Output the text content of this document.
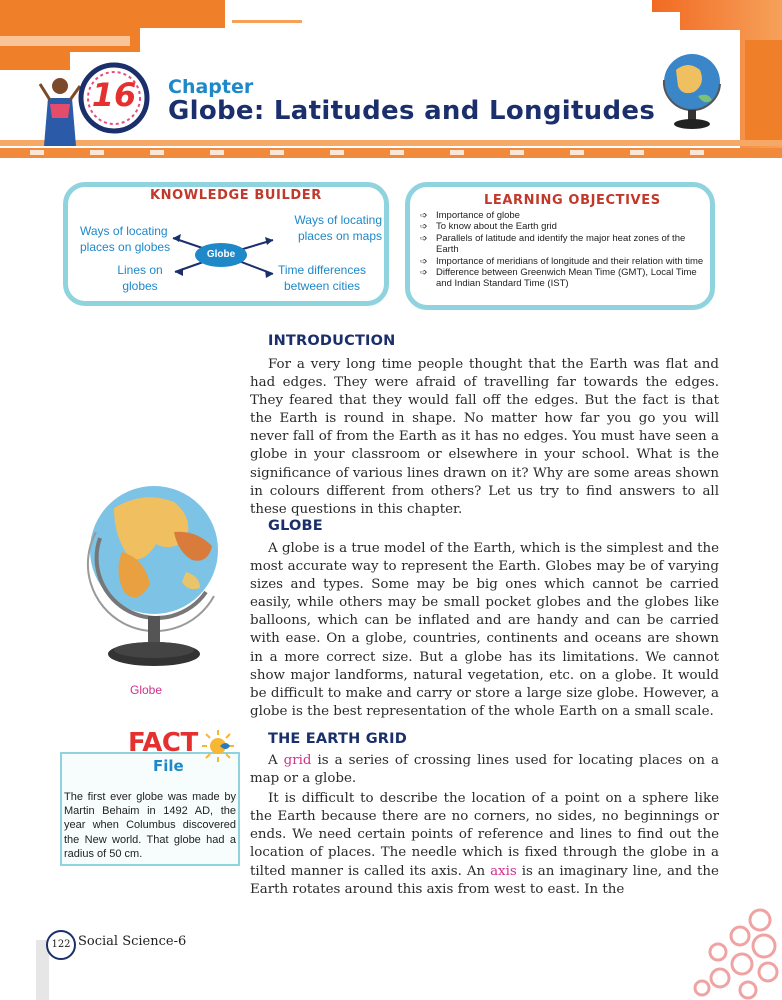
16	Chapter
Globe: Latitudes and Longitudes
KNOWLEDGE BUILDER
Globe
Ways of locating
places on globes
Ways of locating
places on maps
Lines on
globes
Time differences
between cities
LEARNING OBJECTIVES
➩ Importance of globe
➩ To know about the Earth grid
➩ Parallels of latitude and identify the major heat zones of the Earth
➩ Importance of meridians of longitude and their relation with time
➩ Difference between Greenwich Mean Time (GMT), Local Time and Indian Standard Time (IST)
INTRODUCTION

For a very long time people thought that the Earth was flat and had edges. They were afraid of travelling far towards the edges. They feared that they would fall off the edges. But the fact is that the Earth is round in shape. No matter how far you go you will never fall of from the Earth as it has no edges. You must have seen a globe in your classroom or elsewhere in your school. What is the significance of various lines drawn on it? Why are some areas shown in colours different from others? Let us try to find answers to all these questions in this chapter.

GLOBE

A globe is a true model of the Earth, which is the simplest and the most accurate way to represent the Earth. Globes may be of varying sizes and types. Some may be big ones which cannot be carried easily, while others may be small pocket globes and the globes like balloons, which can be inflated and are handy and can be carried with ease. On a globe, countries, continents and oceans are shown in a more correct size. But a globe has its limitations. We cannot show major landforms, natural vegetation, etc. on a globe. It would be difficult to make and carry or store a large size globe. However, a globe is the best representation of the whole Earth on a small scale.

Globe
THE EARTH GRID

A grid is a series of crossing lines used for locating places on a map or a globe.

It is difficult to describe the location of a point on a sphere like the Earth because there are no corners, no sides, no beginnings or ends. We need certain points of reference and lines to find out the location of places. The needle which is fixed through the globe in a tilted manner is called its axis. An axis is an imaginary line, and the Earth rotates around this axis from west to east. In the

FACT
File
The first ever globe was made by Martin Behaim in 1492 AD, the year when Columbus discovered the New world. That globe had a radius of 50 cm.
122 Social Science-6
